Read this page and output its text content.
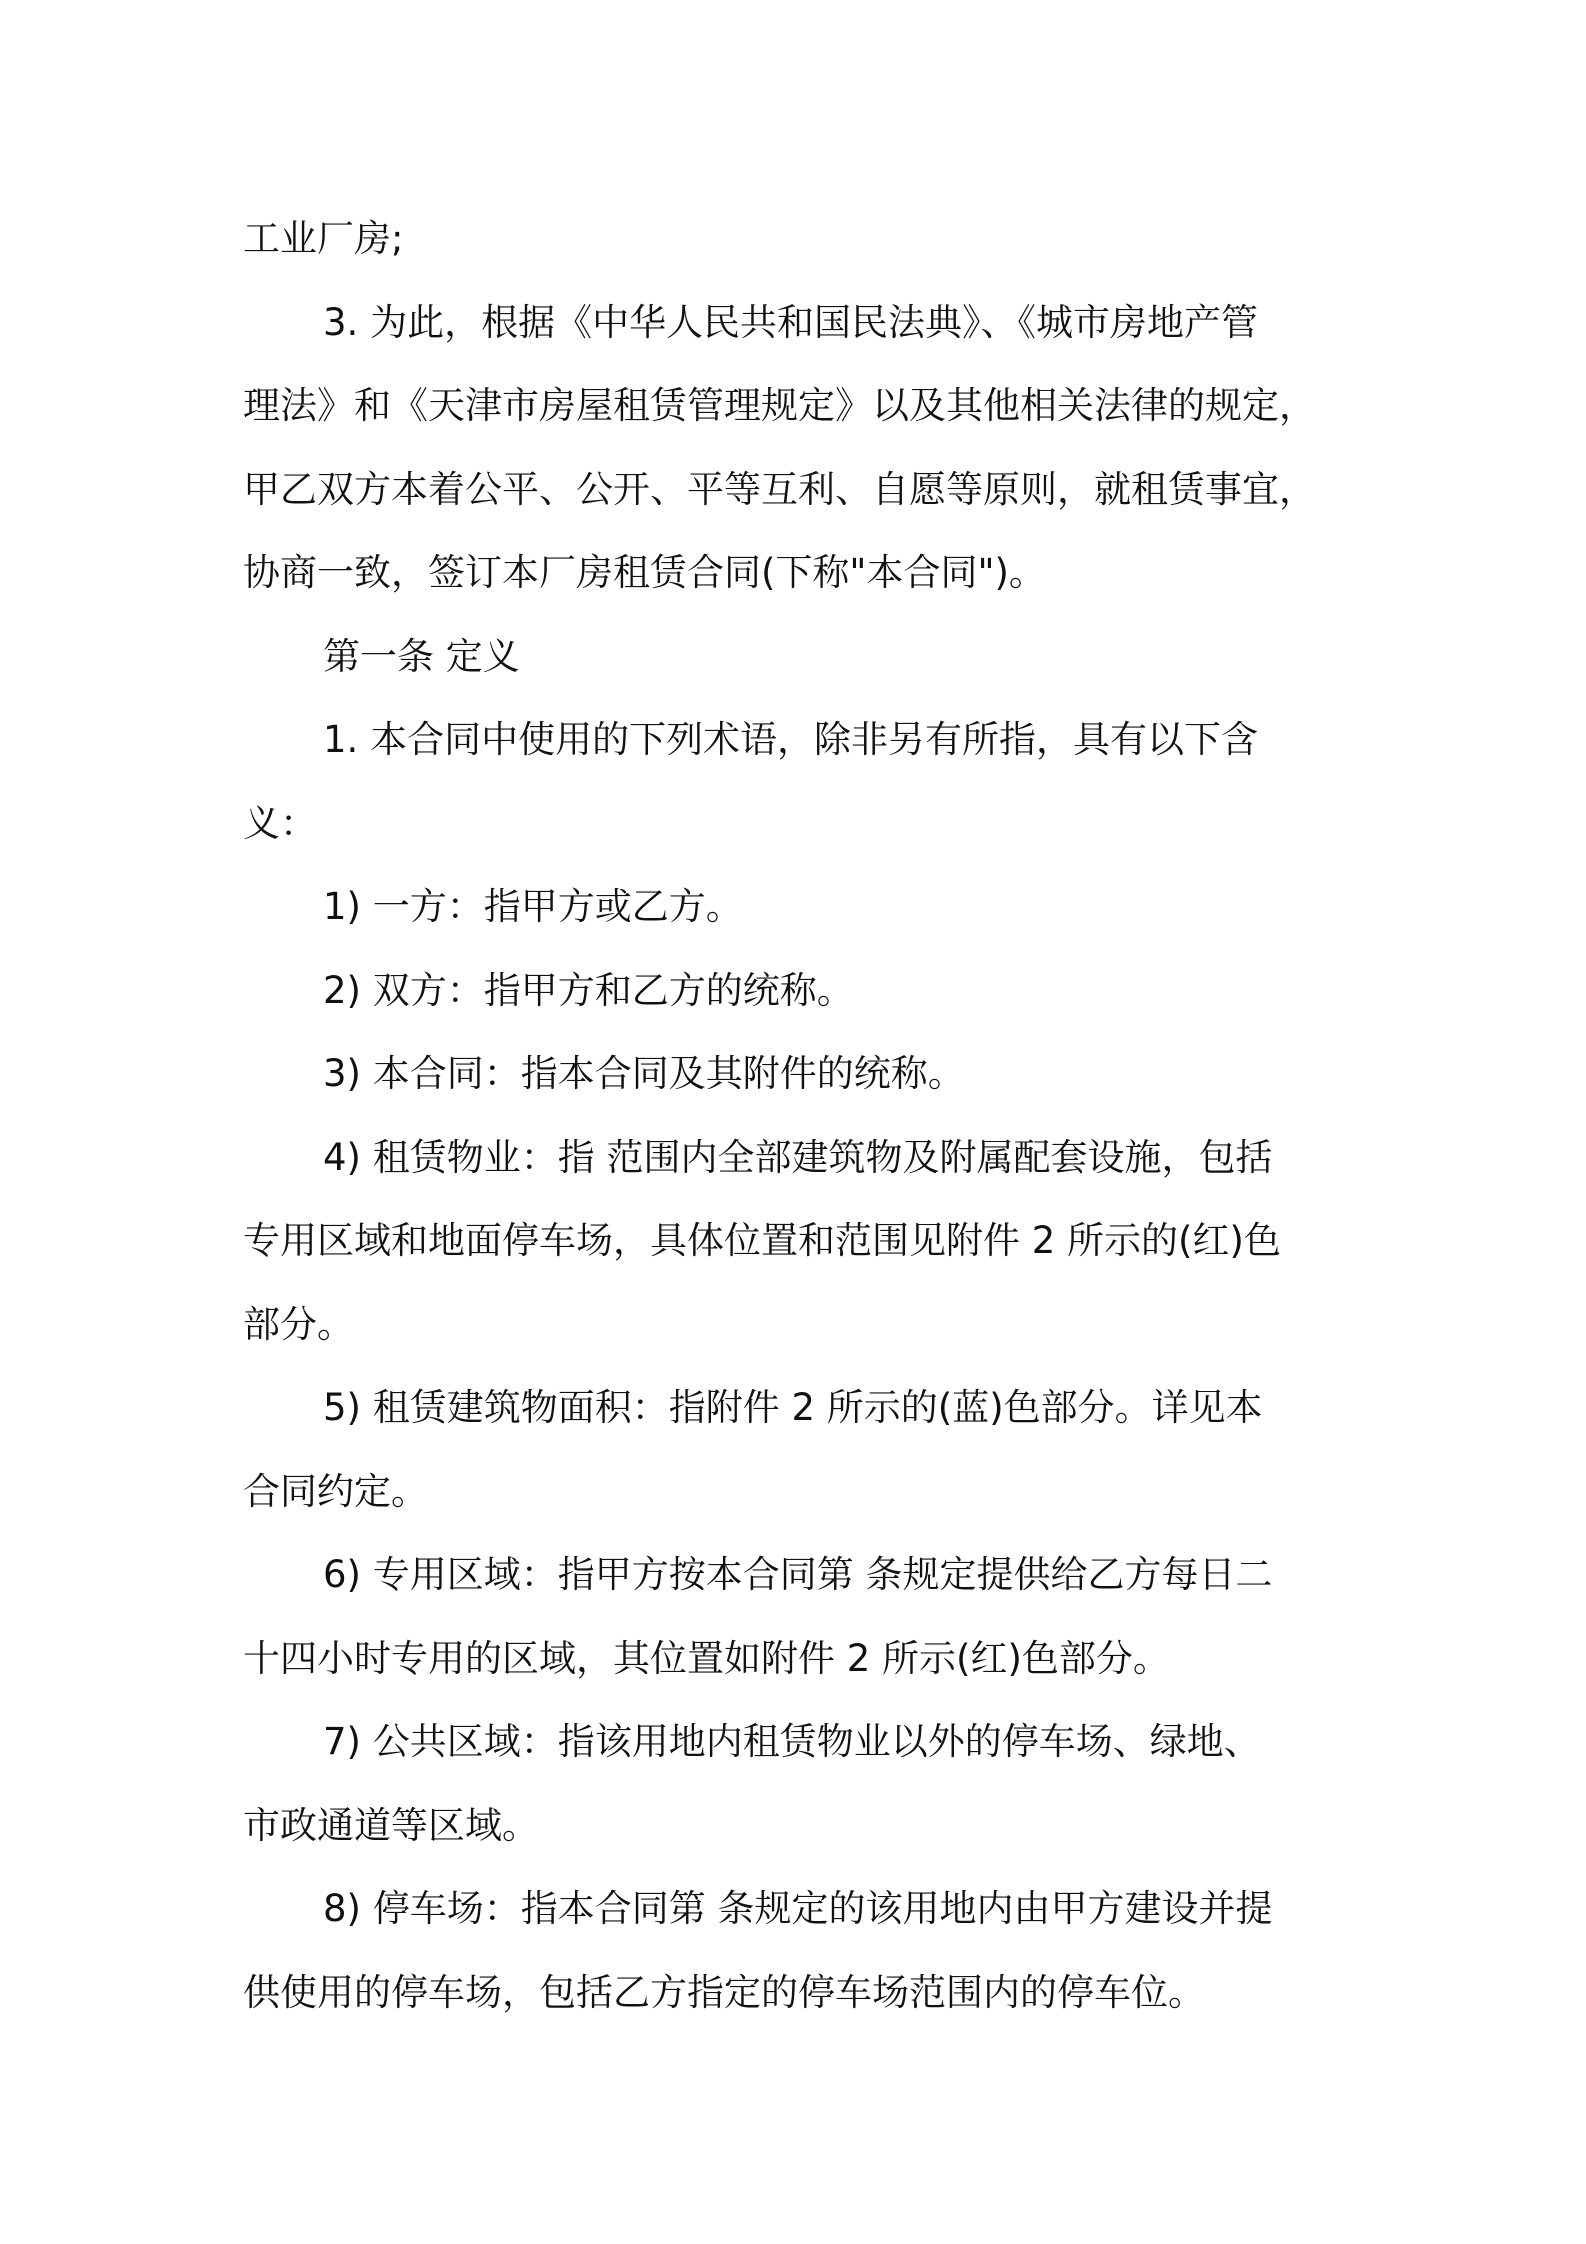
工业厂房;
3. 为此，根据《中华人民共和国民法典》、《城市房地产管
理法》和《天津市房屋租赁管理规定》以及其他相关法律的规定，
甲乙双方本着公平、公开、平等互利、自愿等原则，就租赁事宜，
协商一致，签订本厂房租赁合同(下称"本合同")。
第一条 定义
1. 本合同中使用的下列术语，除非另有所指，具有以下含
义：
1) 一方：指甲方或乙方。
2) 双方：指甲方和乙方的统称。
3) 本合同：指本合同及其附件的统称。
4) 租赁物业：指 范围内全部建筑物及附属配套设施，包括
专用区域和地面停车场，具体位置和范围见附件 2 所示的(红)色
部分。
5) 租赁建筑物面积：指附件 2 所示的(蓝)色部分。详见本
合同约定。
6) 专用区域：指甲方按本合同第 条规定提供给乙方每日二
十四小时专用的区域，其位置如附件 2 所示(红)色部分。
7) 公共区域：指该用地内租赁物业以外的停车场、绿地、
市政通道等区域。
8) 停车场：指本合同第 条规定的该用地内由甲方建设并提
供使用的停车场，包括乙方指定的停车场范围内的停车位。
